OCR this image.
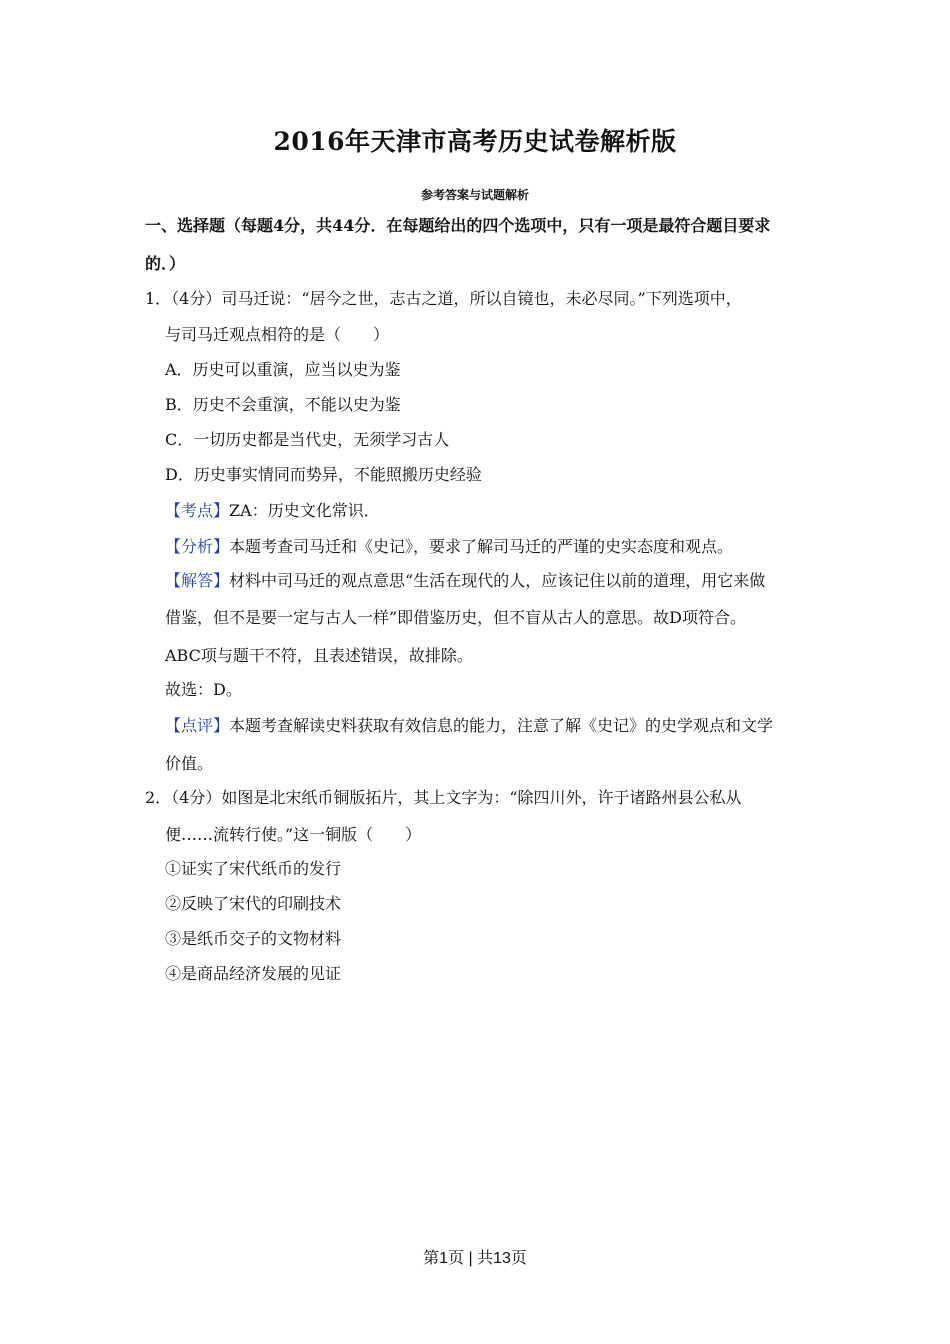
2016年天津市高考历史试卷解析版

参考答案与试题解析

一、选择题（每题4分，共44分．在每题给出的四个选项中，只有一项是最符合题目要求
的．）
1．（4分）司马迁说：“居今之世，志古之道，所以自镜也，未必尽同。”下列选项中，
与司马迁观点相符的是（　　）
A．历史可以重演，应当以史为鉴
B．历史不会重演，不能以史为鉴
C．一切历史都是当代史，无须学习古人
D．历史事实情同而势异，不能照搬历史经验
【考点】ZA：历史文化常识．
【分析】本题考查司马迁和《史记》，要求了解司马迁的严谨的史实态度和观点。
【解答】材料中司马迁的观点意思“生活在现代的人，应该记住以前的道理，用它来做
借鉴，但不是要一定与古人一样”即借鉴历史，但不盲从古人的意思。故D项符合。
ABC项与题干不符，且表述错误，故排除。
故选：D。
【点评】本题考查解读史料获取有效信息的能力，注意了解《史记》的史学观点和文学
价值。
2．（4分）如图是北宋纸币铜版拓片，其上文字为：“除四川外，许于诸路州县公私从
便……流转行使。”这一铜版（　　）
①证实了宋代纸币的发行
②反映了宋代的印刷技术
③是纸币交子的文物材料
④是商品经济发展的见证
第1页 | 共13页
